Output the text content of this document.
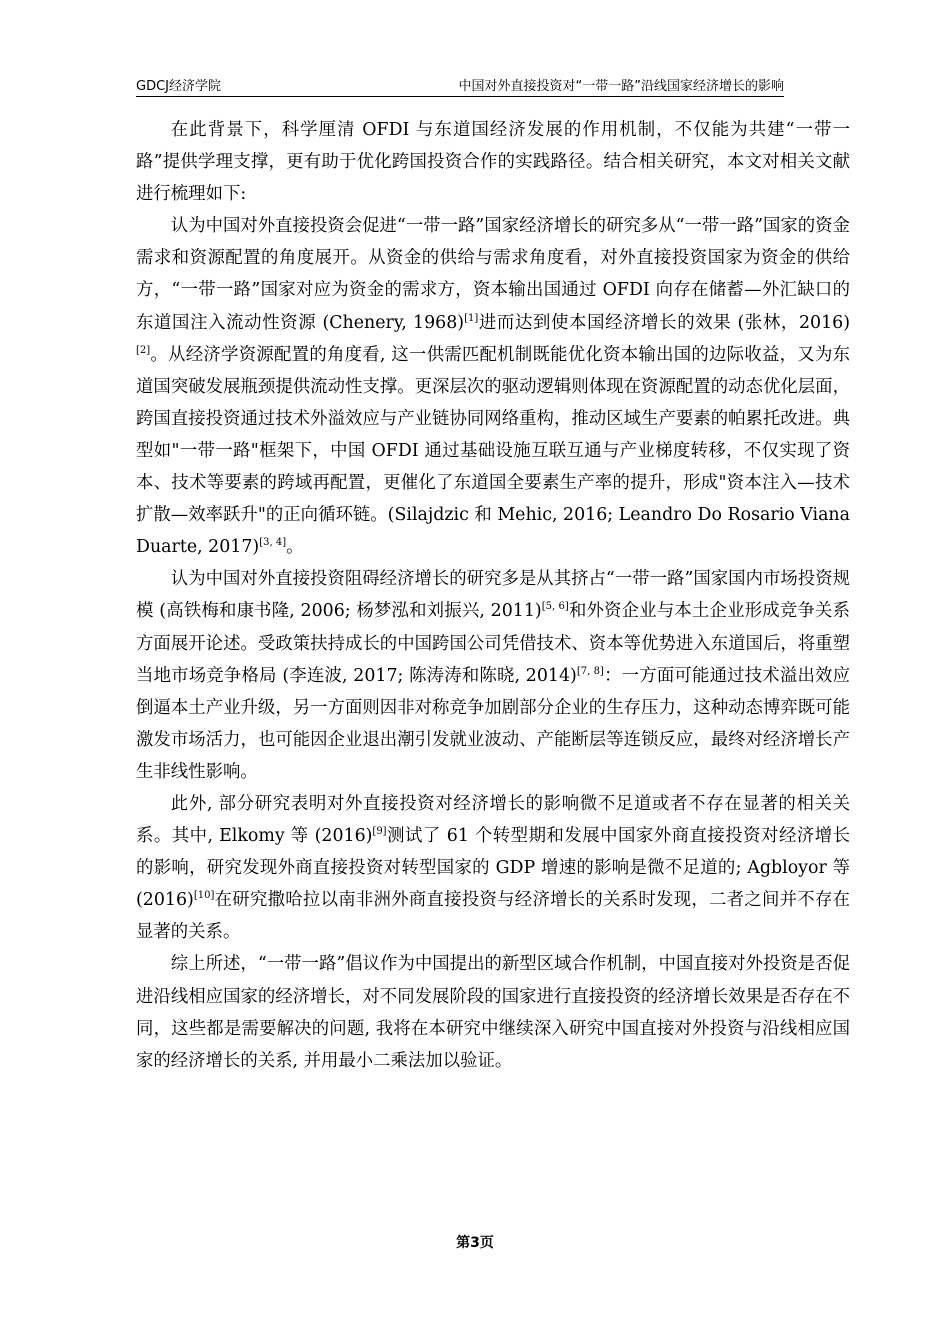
GDCJ经济学院	中国对外直接投资对“一带一路”沿线国家经济增长的影响

在此背景下，科学厘清 OFDI 与东道国经济发展的作用机制，不仅能为共建“一带一路”提供学理支撑，更有助于优化跨国投资合作的实践路径。结合相关研究，本文对相关文献进行梳理如下:

认为中国对外直接投资会促进“一带一路”国家经济增长的研究多从“一带一路”国家的资金需求和资源配置的角度展开。从资金的供给与需求角度看，对外直接投资国家为资金的供给方，“一带一路”国家对应为资金的需求方，资本输出国通过 OFDI 向存在储蓄—外汇缺口的东道国注入流动性资源 (Chenery, 1968)[1]进而达到使本国经济增长的效果 (张林，2016)[2]。从经济学资源配置的角度看, 这一供需匹配机制既能优化资本输出国的边际收益，又为东道国突破发展瓶颈提供流动性支撑。更深层次的驱动逻辑则体现在资源配置的动态优化层面，跨国直接投资通过技术外溢效应与产业链协同网络重构，推动区域生产要素的帕累托改进。典型如"一带一路"框架下，中国 OFDI 通过基础设施互联互通与产业梯度转移，不仅实现了资本、技术等要素的跨域再配置，更催化了东道国全要素生产率的提升，形成"资本注入—技术扩散—效率跃升"的正向循环链。(Silajdzic 和 Mehic, 2016; Leandro Do Rosario Viana Duarte, 2017)[3, 4]。

认为中国对外直接投资阻碍经济增长的研究多是从其挤占“一带一路”国家国内市场投资规模 (高铁梅和康书隆, 2006; 杨梦泓和刘振兴, 2011)[5, 6]和外资企业与本土企业形成竞争关系方面展开论述。受政策扶持成长的中国跨国公司凭借技术、资本等优势进入东道国后，将重塑当地市场竞争格局 (李连波, 2017; 陈涛涛和陈晓, 2014)[7, 8]：一方面可能通过技术溢出效应倒逼本土产业升级，另一方面则因非对称竞争加剧部分企业的生存压力，这种动态博弈既可能激发市场活力，也可能因企业退出潮引发就业波动、产能断层等连锁反应，最终对经济增长产生非线性影响。

此外, 部分研究表明对外直接投资对经济增长的影响微不足道或者不存在显著的相关关系。其中, Elkomy 等 (2016)[9]测试了 61 个转型期和发展中国家外商直接投资对经济增长的影响，研究发现外商直接投资对转型国家的 GDP 增速的影响是微不足道的; Agbloyor 等 (2016)[10]在研究撒哈拉以南非洲外商直接投资与经济增长的关系时发现，二者之间并不存在显著的关系。

综上所述，“一带一路”倡议作为中国提出的新型区域合作机制，中国直接对外投资是否促进沿线相应国家的经济增长，对不同发展阶段的国家进行直接投资的经济增长效果是否存在不同，这些都是需要解决的问题, 我将在本研究中继续深入研究中国直接对外投资与沿线相应国家的经济增长的关系, 并用最小二乘法加以验证。

第3页
